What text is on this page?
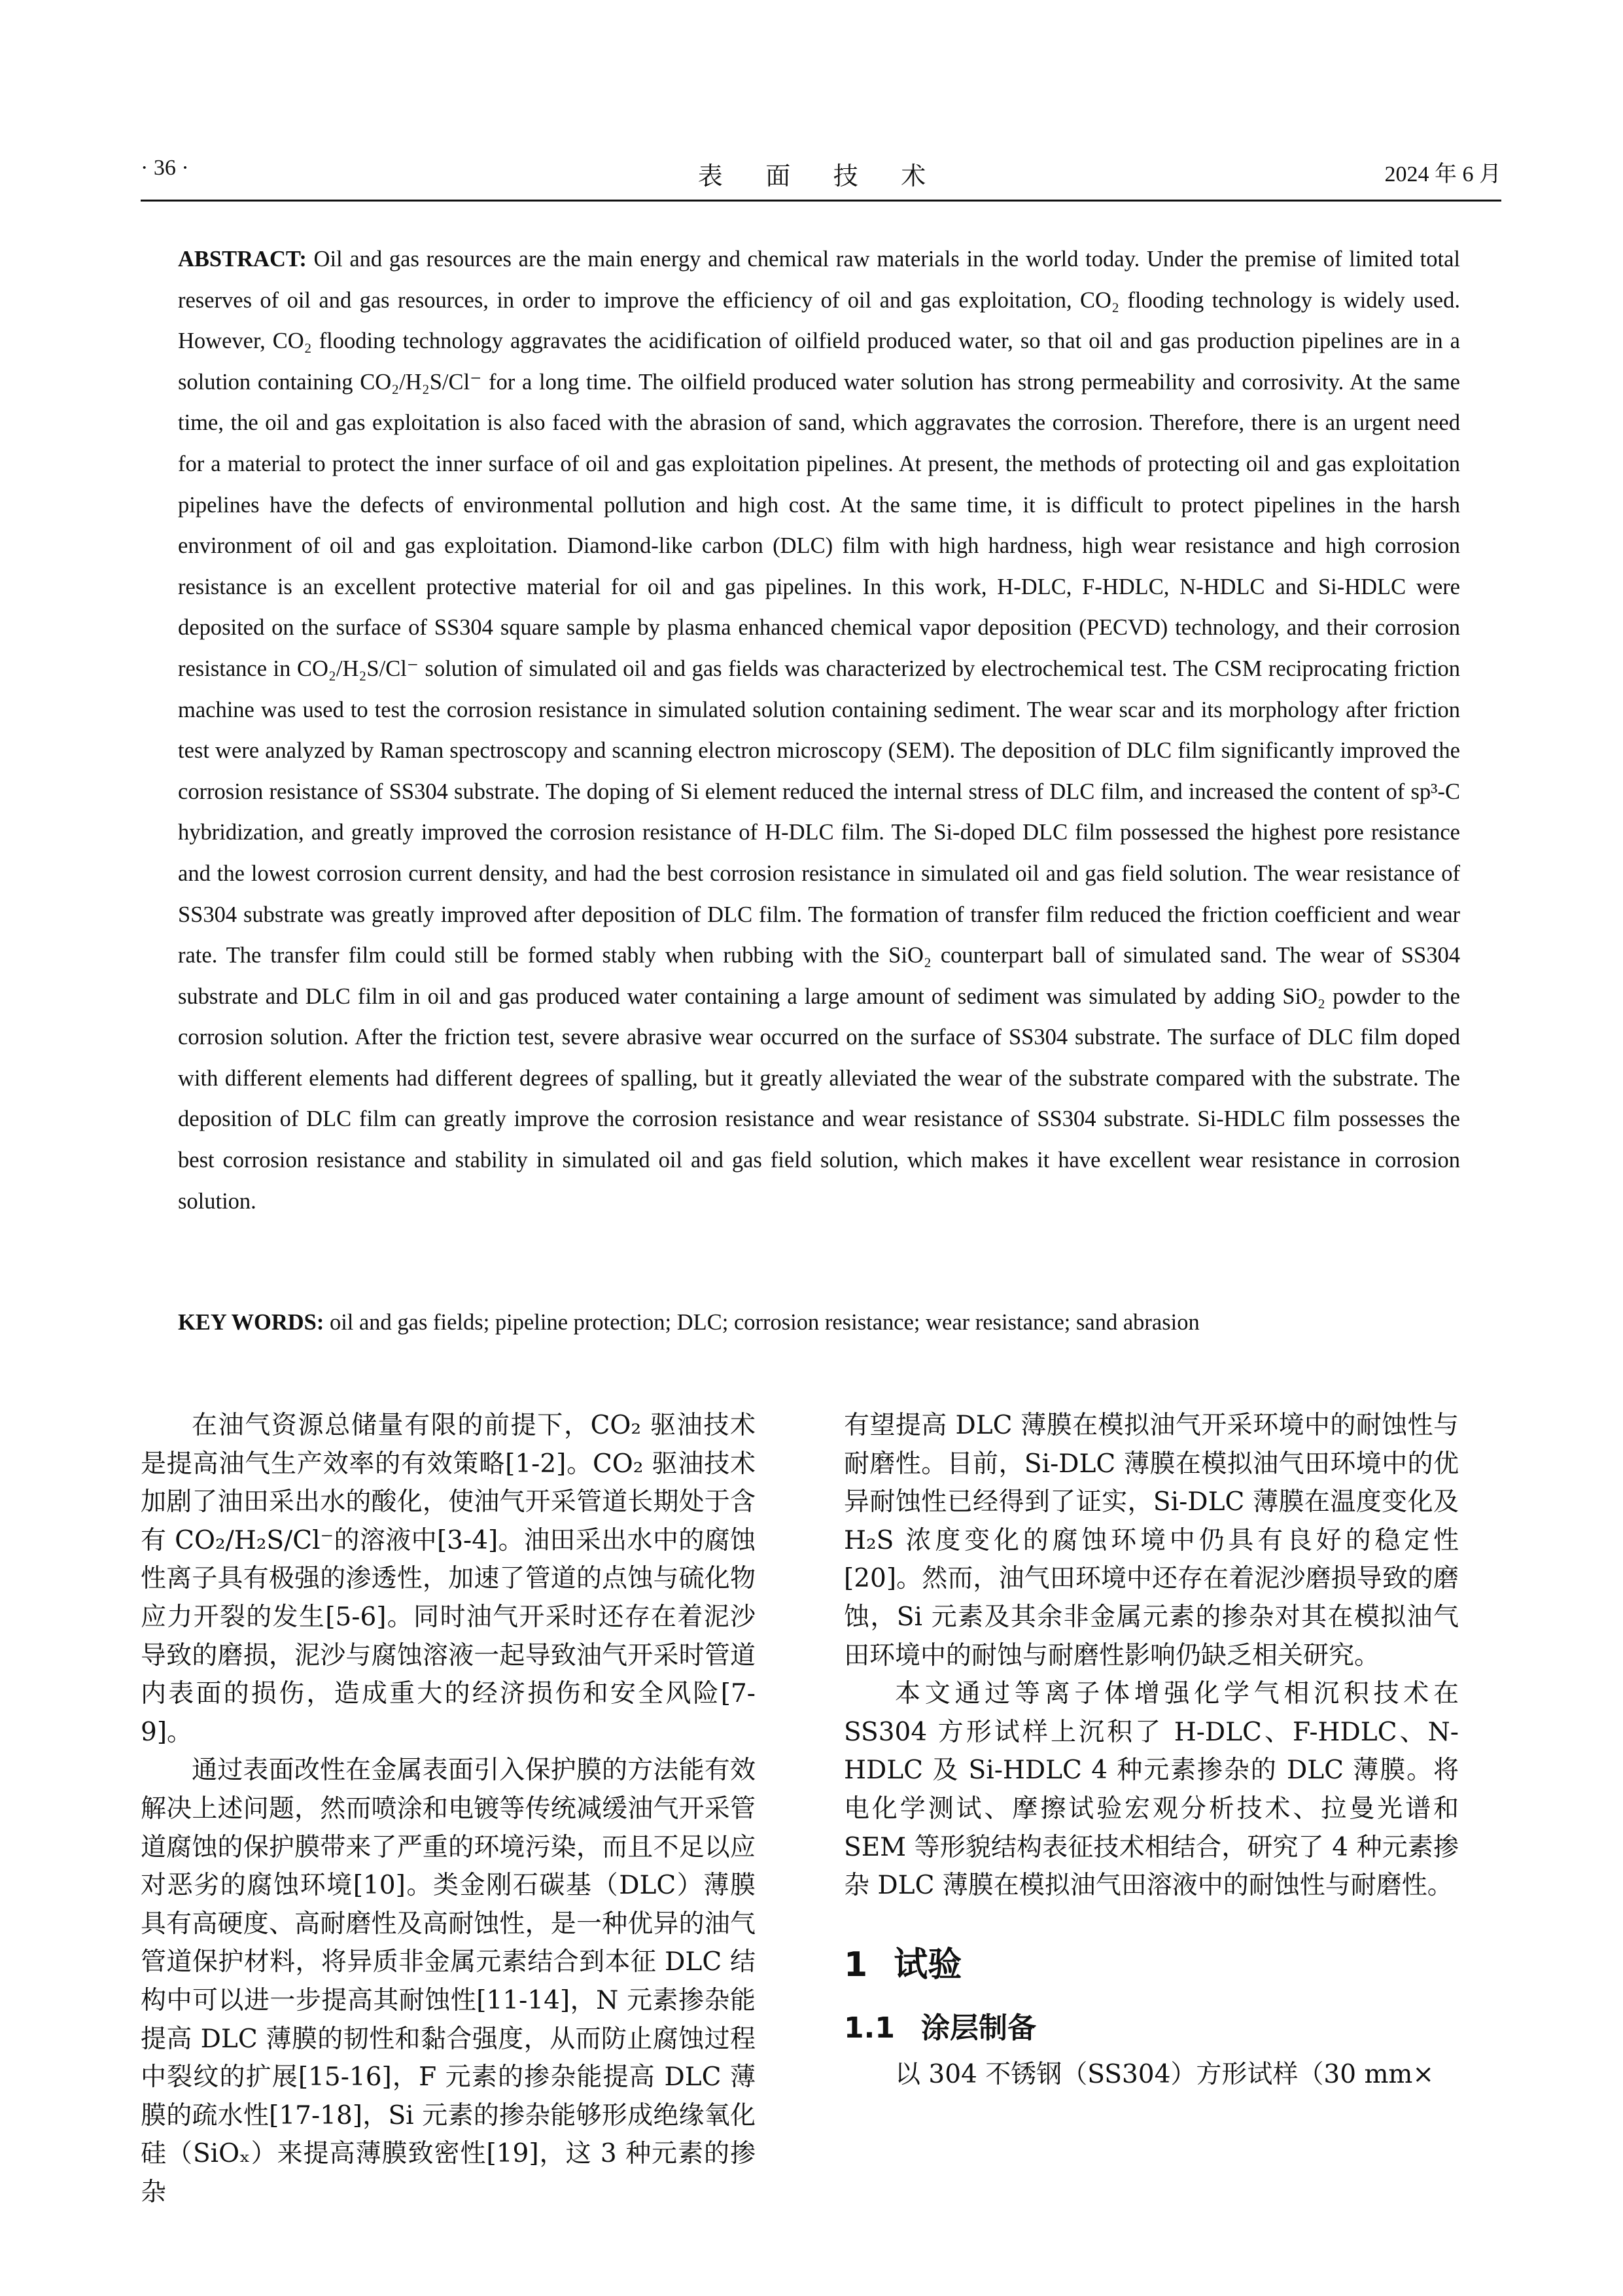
· 36 ·	表 面 技 术	2024 年 6 月
ABSTRACT: Oil and gas resources are the main energy and chemical raw materials in the world today. Under the premise of limited total reserves of oil and gas resources, in order to improve the efficiency of oil and gas exploitation, CO₂ flooding technology is widely used. However, CO₂ flooding technology aggravates the acidification of oilfield produced water, so that oil and gas production pipelines are in a solution containing CO₂/H₂S/Cl⁻ for a long time. The oilfield produced water solution has strong permeability and corrosivity. At the same time, the oil and gas exploitation is also faced with the abrasion of sand, which aggravates the corrosion. Therefore, there is an urgent need for a material to protect the inner surface of oil and gas exploitation pipelines. At present, the methods of protecting oil and gas exploitation pipelines have the defects of environmental pollution and high cost. At the same time, it is difficult to protect pipelines in the harsh environment of oil and gas exploitation. Diamond-like carbon (DLC) film with high hardness, high wear resistance and high corrosion resistance is an excellent protective material for oil and gas pipelines. In this work, H-DLC, F-HDLC, N-HDLC and Si-HDLC were deposited on the surface of SS304 square sample by plasma enhanced chemical vapor deposition (PECVD) technology, and their corrosion resistance in CO₂/H₂S/Cl⁻ solution of simulated oil and gas fields was characterized by electrochemical test. The CSM reciprocating friction machine was used to test the corrosion resistance in simulated solution containing sediment. The wear scar and its morphology after friction test were analyzed by Raman spectroscopy and scanning electron microscopy (SEM). The deposition of DLC film significantly improved the corrosion resistance of SS304 substrate. The doping of Si element reduced the internal stress of DLC film, and increased the content of sp³-C hybridization, and greatly improved the corrosion resistance of H-DLC film. The Si-doped DLC film possessed the highest pore resistance and the lowest corrosion current density, and had the best corrosion resistance in simulated oil and gas field solution. The wear resistance of SS304 substrate was greatly improved after deposition of DLC film. The formation of transfer film reduced the friction coefficient and wear rate. The transfer film could still be formed stably when rubbing with the SiO₂ counterpart ball of simulated sand. The wear of SS304 substrate and DLC film in oil and gas produced water containing a large amount of sediment was simulated by adding SiO₂ powder to the corrosion solution. After the friction test, severe abrasive wear occurred on the surface of SS304 substrate. The surface of DLC film doped with different elements had different degrees of spalling, but it greatly alleviated the wear of the substrate compared with the substrate. The deposition of DLC film can greatly improve the corrosion resistance and wear resistance of SS304 substrate. Si-HDLC film possesses the best corrosion resistance and stability in simulated oil and gas field solution, which makes it have excellent wear resistance in corrosion solution.
KEY WORDS: oil and gas fields; pipeline protection; DLC; corrosion resistance; wear resistance; sand abrasion

在油气资源总储量有限的前提下，CO₂ 驱油技术是提高油气生产效率的有效策略[1-2]。CO₂ 驱油技术加剧了油田采出水的酸化，使油气开采管道长期处于含有 CO₂/H₂S/Cl⁻的溶液中[3-4]。油田采出水中的腐蚀性离子具有极强的渗透性，加速了管道的点蚀与硫化物应力开裂的发生[5-6]。同时油气开采时还存在着泥沙导致的磨损，泥沙与腐蚀溶液一起导致油气开采时管道内表面的损伤，造成重大的经济损伤和安全风险[7-9]。

通过表面改性在金属表面引入保护膜的方法能有效解决上述问题，然而喷涂和电镀等传统减缓油气开采管道腐蚀的保护膜带来了严重的环境污染，而且不足以应对恶劣的腐蚀环境[10]。类金刚石碳基（DLC）薄膜具有高硬度、高耐磨性及高耐蚀性，是一种优异的油气管道保护材料，将异质非金属元素结合到本征 DLC 结构中可以进一步提高其耐蚀性[11-14]，N 元素掺杂能提高 DLC 薄膜的韧性和黏合强度，从而防止腐蚀过程中裂纹的扩展[15-16]，F 元素的掺杂能提高 DLC 薄膜的疏水性[17-18]，Si 元素的掺杂能够形成绝缘氧化硅（SiOₓ）来提高薄膜致密性[19]，这 3 种元素的掺杂

有望提高 DLC 薄膜在模拟油气开采环境中的耐蚀性与耐磨性。目前，Si-DLC 薄膜在模拟油气田环境中的优异耐蚀性已经得到了证实，Si-DLC 薄膜在温度变化及 H₂S 浓度变化的腐蚀环境中仍具有良好的稳定性[20]。然而，油气田环境中还存在着泥沙磨损导致的磨蚀，Si 元素及其余非金属元素的掺杂对其在模拟油气田环境中的耐蚀与耐磨性影响仍缺乏相关研究。

本文通过等离子体增强化学气相沉积技术在 SS304 方形试样上沉积了 H-DLC、F-HDLC、N-HDLC 及 Si-HDLC 4 种元素掺杂的 DLC 薄膜。将电化学测试、摩擦试验宏观分析技术、拉曼光谱和 SEM 等形貌结构表征技术相结合，研究了 4 种元素掺杂 DLC 薄膜在模拟油气田溶液中的耐蚀性与耐磨性。

1 试验
1.1 涂层制备

以 304 不锈钢（SS304）方形试样（30 mm×
